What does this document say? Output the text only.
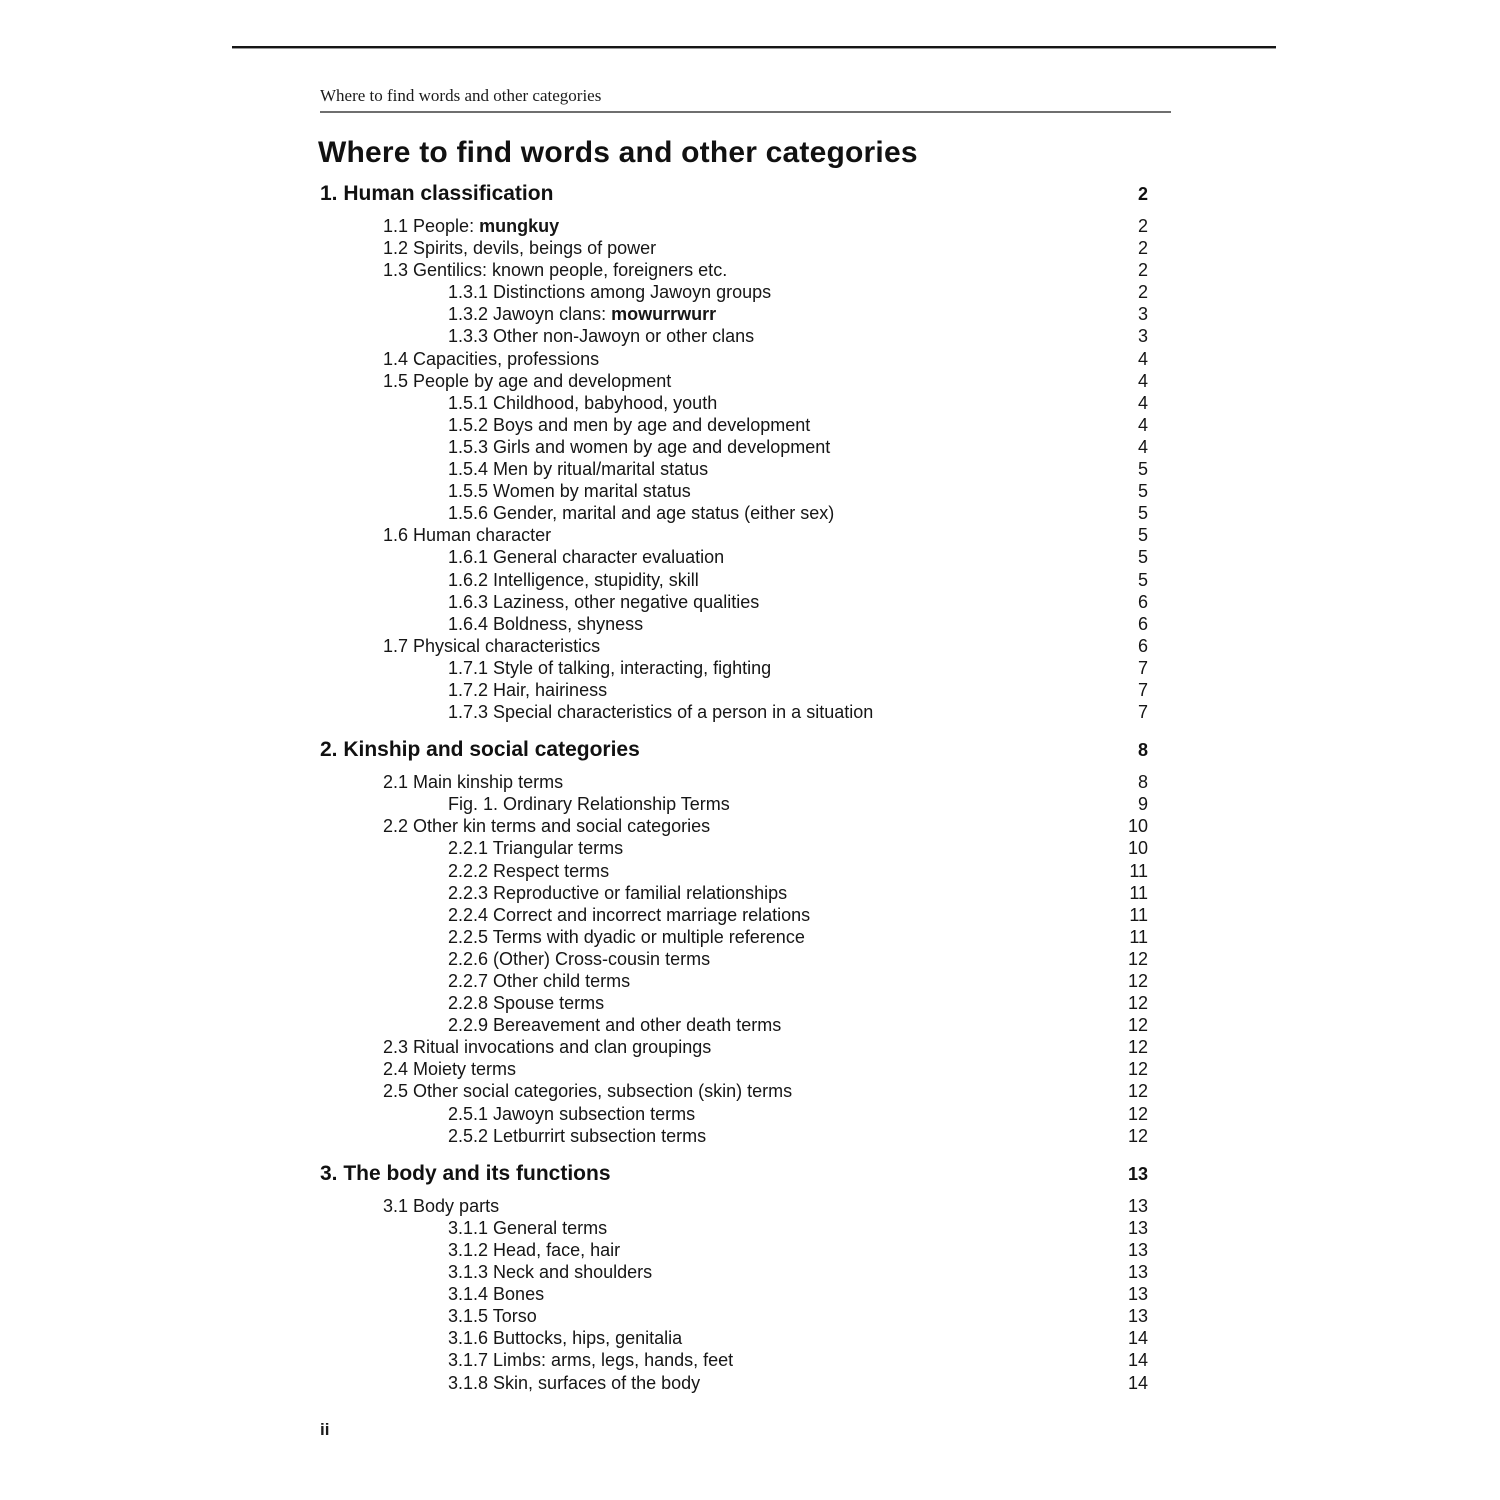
Where to find words and other categories
Where to find words and other categories
1. Human classification	2
1.1 People: mungkuy	2
1.2 Spirits, devils, beings of power	2
1.3 Gentilics: known people, foreigners etc.	2
1.3.1 Distinctions among Jawoyn groups	2
1.3.2 Jawoyn clans: mowurrwurr	3
1.3.3 Other non-Jawoyn or other clans	3
1.4 Capacities, professions	4
1.5 People by age and development	4
1.5.1 Childhood, babyhood, youth	4
1.5.2 Boys and men by age and development	4
1.5.3 Girls and women by age and development	4
1.5.4 Men by ritual/marital status	5
1.5.5 Women by marital status	5
1.5.6 Gender, marital and age status (either sex)	5
1.6 Human character	5
1.6.1 General character evaluation	5
1.6.2 Intelligence, stupidity, skill	5
1.6.3 Laziness, other negative qualities	6
1.6.4 Boldness, shyness	6
1.7 Physical characteristics	6
1.7.1 Style of talking, interacting, fighting	7
1.7.2 Hair, hairiness	7
1.7.3 Special characteristics of a person in a situation	7
2. Kinship and social categories	8
2.1 Main kinship terms	8
Fig. 1. Ordinary Relationship Terms	9
2.2 Other kin terms and social categories	10
2.2.1 Triangular terms	10
2.2.2 Respect terms	11
2.2.3 Reproductive or familial relationships	11
2.2.4 Correct and incorrect marriage relations	11
2.2.5 Terms with dyadic or multiple reference	11
2.2.6 (Other) Cross-cousin terms	12
2.2.7 Other child terms	12
2.2.8 Spouse terms	12
2.2.9 Bereavement and other death terms	12
2.3 Ritual invocations and clan groupings	12
2.4 Moiety terms	12
2.5 Other social categories, subsection (skin) terms	12
2.5.1 Jawoyn subsection terms	12
2.5.2 Letburrirt subsection terms	12
3. The body and its functions	13
3.1 Body parts	13
3.1.1 General terms	13
3.1.2 Head, face, hair	13
3.1.3 Neck and shoulders	13
3.1.4 Bones	13
3.1.5 Torso	13
3.1.6 Buttocks, hips, genitalia	14
3.1.7 Limbs: arms, legs, hands, feet	14
3.1.8 Skin, surfaces of the body	14
ii
